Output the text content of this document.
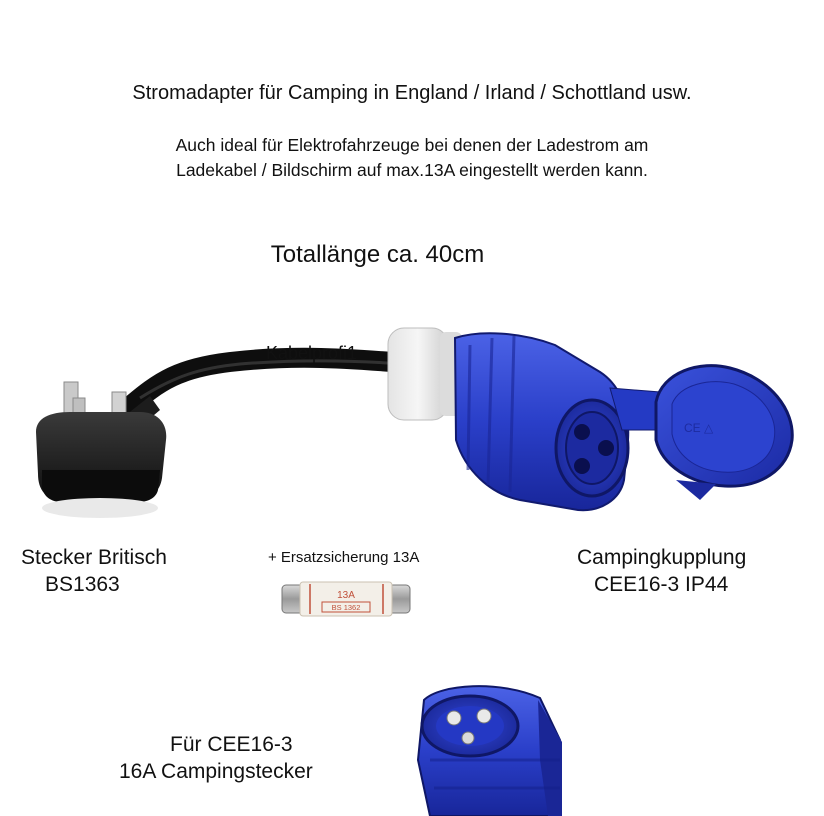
Stromadapter für Camping in England / Irland / Schottland usw.
Auch ideal für Elektrofahrzeuge bei denen der Ladestrom am
Ladekabel / Bildschirm auf max.13A eingestellt werden kann.
Totallänge ca. 40cm
Kabelprofi1
Stecker Britisch
BS1363
+ Ersatzsicherung 13A	Campingkupplung
CEE16-3 IP44
Für CEE16-3
16A Campingstecker
CE △
13A
BS 1362
